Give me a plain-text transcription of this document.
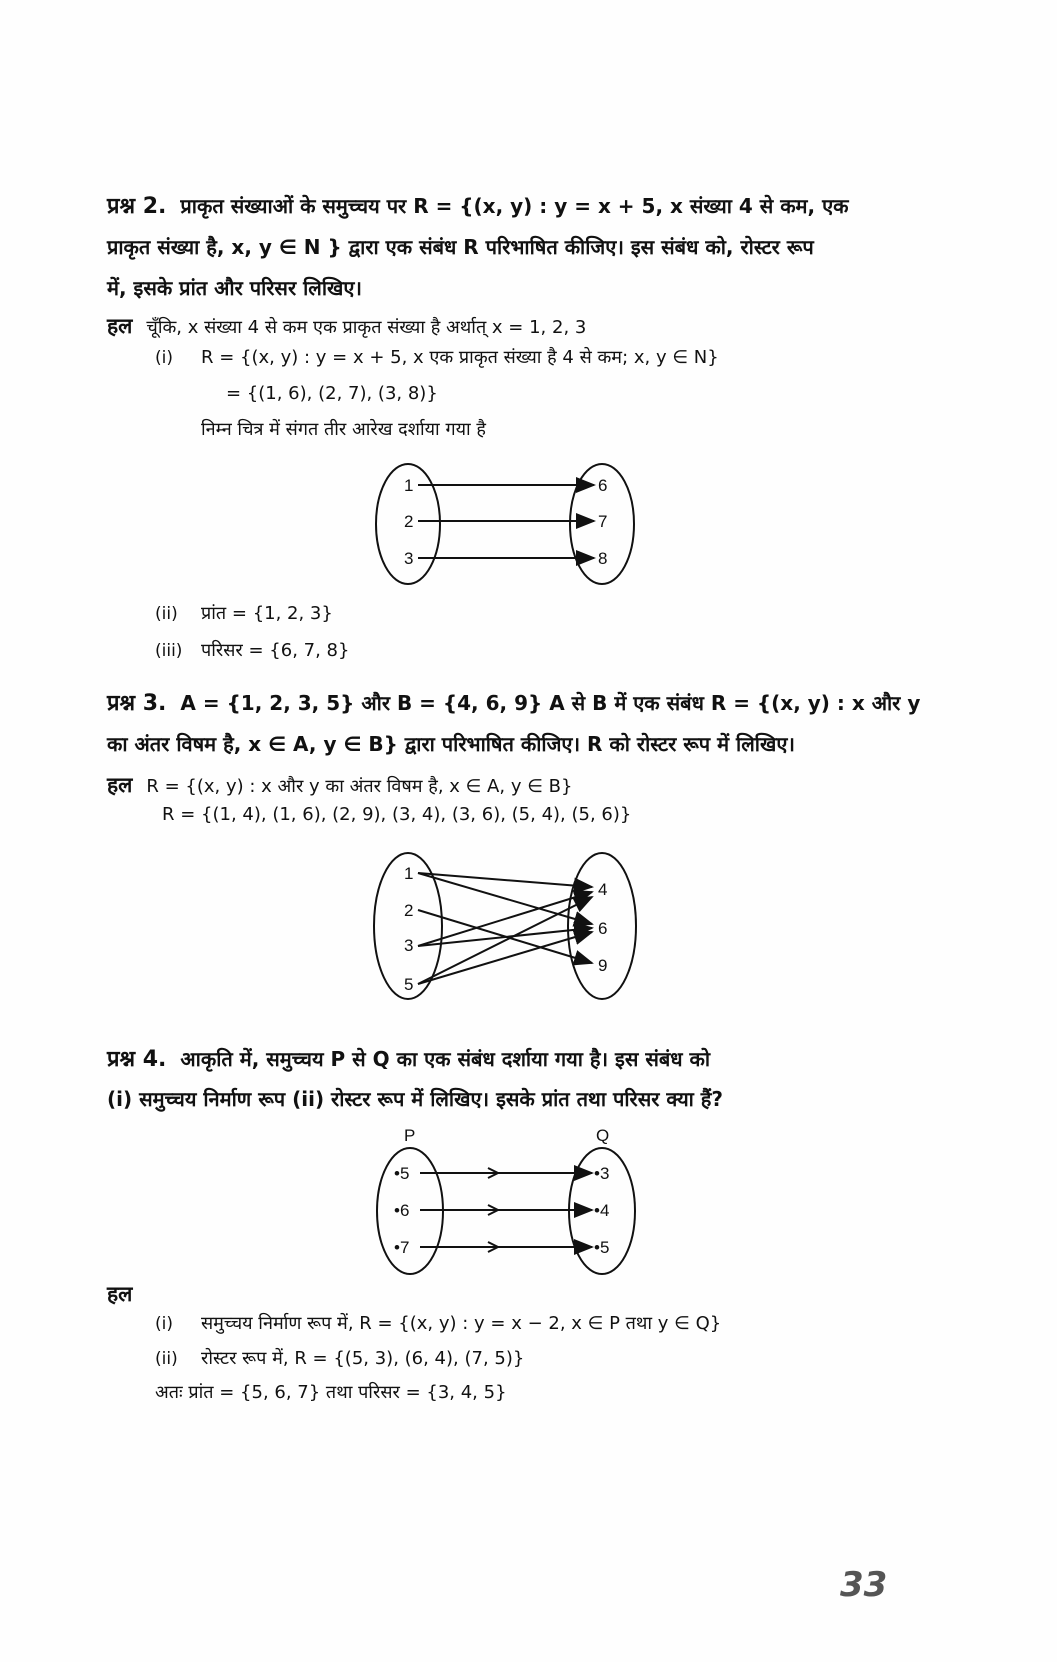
प्रश्न 2. प्राकृत संख्याओं के समुच्चय पर R = {(x, y) : y = x + 5, x संख्या 4 से कम, एक
प्राकृत संख्या है, x, y ∈ N } द्वारा एक संबंध R परिभाषित कीजिए। इस संबंध को, रोस्टर रूप
में, इसके प्रांत और परिसर लिखिए।
हल चूँकि, x संख्या 4 से कम एक प्राकृत संख्या है अर्थात् x = 1, 2, 3
(i) R = {(x, y) : y = x + 5, x एक प्राकृत संख्या है 4 से कम; x, y ∈ N}
= {(1, 6), (2, 7), (3, 8)}
निम्न चित्र में संगत तीर आरेख दर्शाया गया है
1
2
3
6
7
8
(ii) प्रांत = {1, 2, 3}
(iii) परिसर = {6, 7, 8}
प्रश्न 3. A = {1, 2, 3, 5} और B = {4, 6, 9} A से B में एक संबंध R = {(x, y) : x और y
का अंतर विषम है, x ∈ A, y ∈ B} द्वारा परिभाषित कीजिए। R को रोस्टर रूप में लिखिए।
हल R = {(x, y) : x और y का अंतर विषम है, x ∈ A, y ∈ B}
R = {(1, 4), (1, 6), (2, 9), (3, 4), (3, 6), (5, 4), (5, 6)}
1
2
3
5
4
6
9
प्रश्न 4. आकृति में, समुच्चय P से Q का एक संबंध दर्शाया गया है। इस संबंध को
(i) समुच्चय निर्माण रूप (ii) रोस्टर रूप में लिखिए। इसके प्रांत तथा परिसर क्या हैं?
P	Q
•5
•6
•7
•3
•4
•5
हल
(i) समुच्चय निर्माण रूप में, R = {(x, y) : y = x − 2, x ∈ P तथा y ∈ Q}
(ii) रोस्टर रूप में, R = {(5, 3), (6, 4), (7, 5)}
अतः प्रांत = {5, 6, 7} तथा परिसर = {3, 4, 5}
33
